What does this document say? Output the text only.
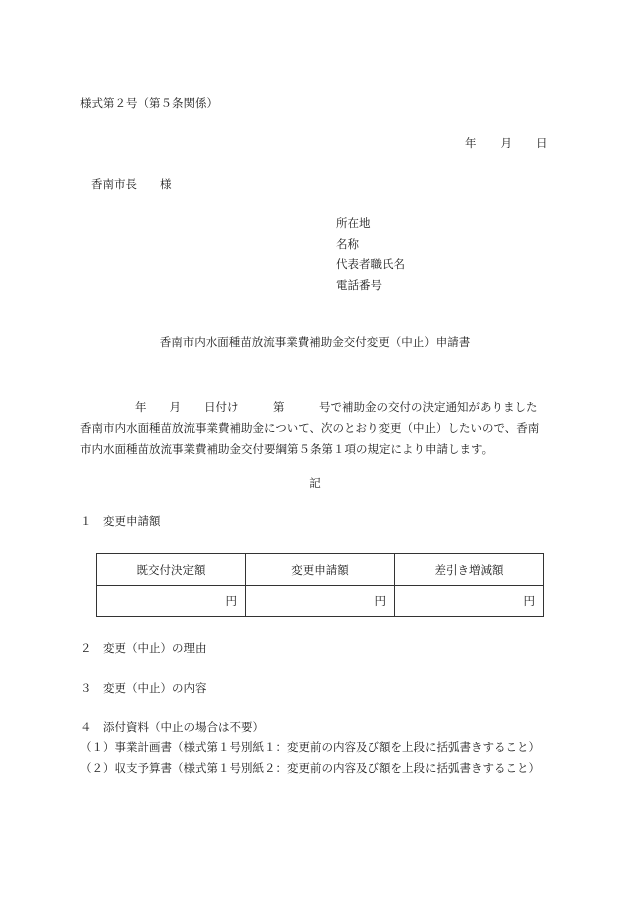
様式第２号（第５条関係）
年 月 日
香南市長　　様
所在地
名称
代表者職氏名
電話番号
香南市内水面種苗放流事業費補助金交付変更（中止）申請書
年　　月　　日付け　　　第　　　号で補助金の交付の決定通知がありました
香南市内水面種苗放流事業費補助金について、次のとおり変更（中止）したいので、香南
市内水面種苗放流事業費補助金交付要綱第５条第１項の規定により申請します。
記
１　変更申請額
既交付決定額	変更申請額	差引き増減額
円	円	円
２　変更（中止）の理由
３　変更（中止）の内容
４　添付資料（中止の場合は不要）
（１）事業計画書（様式第１号別紙１：変更前の内容及び額を上段に括弧書きすること）
（２）収支予算書（様式第１号別紙２：変更前の内容及び額を上段に括弧書きすること）
